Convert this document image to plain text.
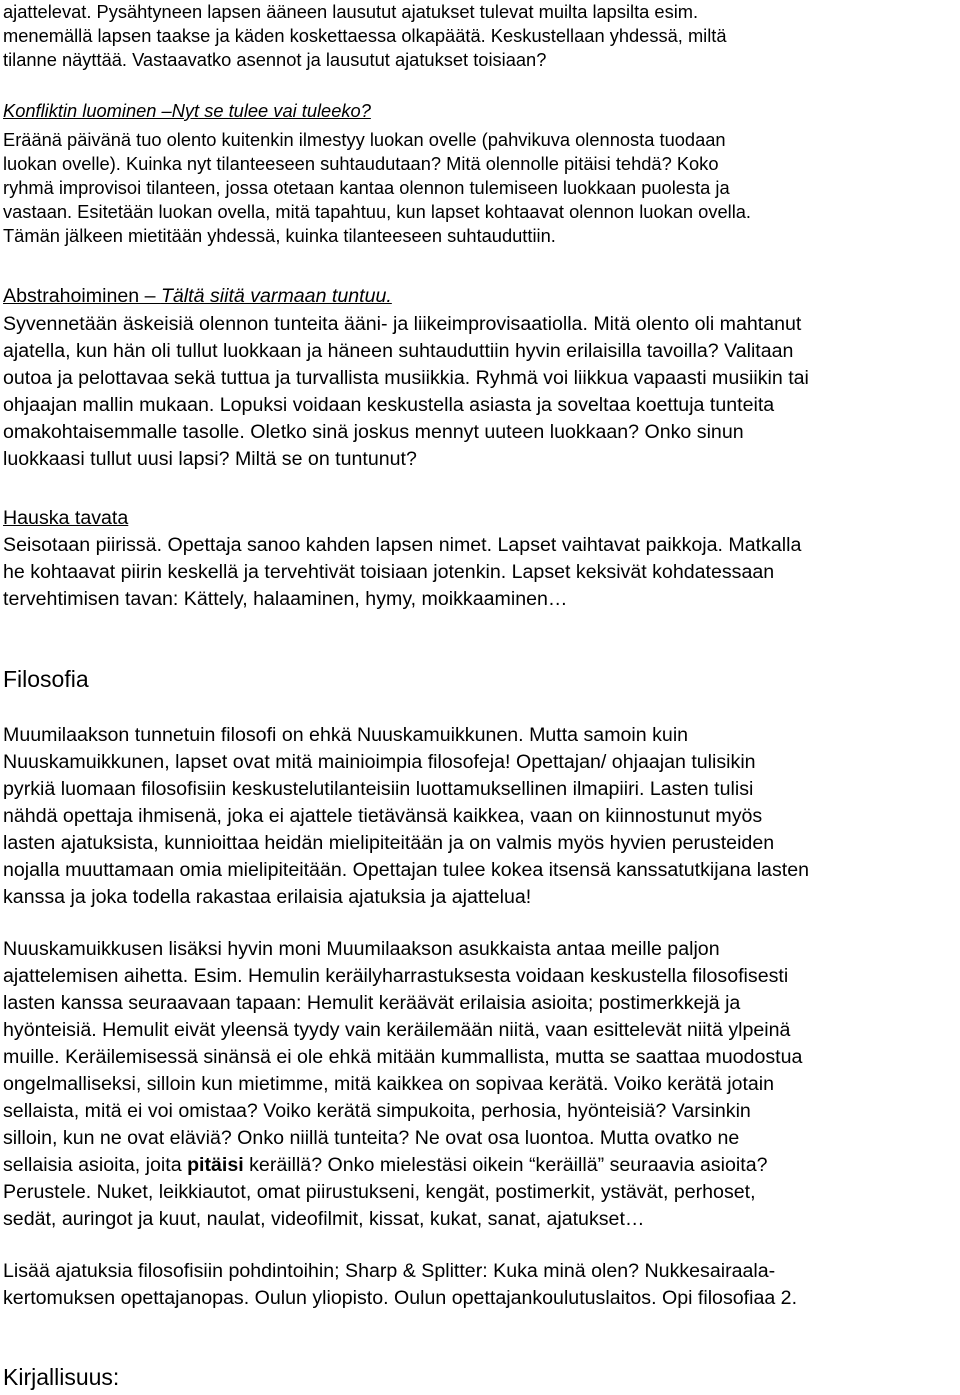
ajattelevat. Pysähtyneen lapsen ääneen lausutut ajatukset tulevat muilta lapsilta esim.
menemällä lapsen taakse ja käden koskettaessa olkapäätä. Keskustellaan yhdessä, miltä
tilanne näyttää. Vastaavatko asennot ja lausutut ajatukset toisiaan?
Konfliktin luominen –Nyt se tulee vai tuleeko?
Eräänä päivänä tuo olento kuitenkin ilmestyy luokan ovelle (pahvikuva olennosta tuodaan
luokan ovelle). Kuinka nyt tilanteeseen suhtaudutaan? Mitä olennolle pitäisi tehdä? Koko
ryhmä improvisoi tilanteen, jossa otetaan kantaa olennon tulemiseen luokkaan puolesta ja
vastaan. Esitetään luokan ovella, mitä tapahtuu, kun lapset kohtaavat olennon luokan ovella.
Tämän jälkeen mietitään yhdessä, kuinka tilanteeseen suhtauduttiin.
Abstrahoiminen – Tältä siitä varmaan tuntuu.
Syvennetään äskeisiä olennon tunteita ääni- ja liikeimprovisaatiolla. Mitä olento oli mahtanut
ajatella, kun hän oli tullut luokkaan ja häneen suhtauduttiin hyvin erilaisilla tavoilla? Valitaan
outoa ja pelottavaa sekä tuttua ja turvallista musiikkia. Ryhmä voi liikkua vapaasti musiikin tai
ohjaajan mallin mukaan. Lopuksi voidaan keskustella asiasta ja soveltaa koettuja tunteita
omakohtaisemmalle tasolle. Oletko sinä joskus mennyt uuteen luokkaan? Onko sinun
luokkaasi tullut uusi lapsi? Miltä se on tuntunut?
Hauska tavata
Seisotaan piirissä. Opettaja sanoo kahden lapsen nimet. Lapset vaihtavat paikkoja. Matkalla
he kohtaavat piirin keskellä ja tervehtivät toisiaan jotenkin. Lapset keksivät kohdatessaan
tervehtimisen tavan: Kättely, halaaminen, hymy, moikkaaminen…
Filosofia
Muumilaakson tunnetuin filosofi on ehkä Nuuskamuikkunen. Mutta samoin kuin
Nuuskamuikkunen, lapset ovat mitä mainioimpia filosofeja! Opettajan/ ohjaajan tulisikin
pyrkiä luomaan filosofisiin keskustelutilanteisiin luottamuksellinen ilmapiiri. Lasten tulisi
nähdä opettaja ihmisenä, joka ei ajattele tietävänsä kaikkea, vaan on kiinnostunut myös
lasten ajatuksista, kunnioittaa heidän mielipiteitään ja on valmis myös hyvien perusteiden
nojalla muuttamaan omia mielipiteitään. Opettajan tulee kokea itsensä kanssatutkijana lasten
kanssa ja joka todella rakastaa erilaisia ajatuksia ja ajattelua!
Nuuskamuikkusen lisäksi hyvin moni Muumilaakson asukkaista antaa meille paljon
ajattelemisen aihetta. Esim. Hemulin keräilyharrastuksesta voidaan keskustella filosofisesti
lasten kanssa seuraavaan tapaan: Hemulit keräävät erilaisia asioita; postimerkkejä ja
hyönteisiä. Hemulit eivät yleensä tyydy vain keräilemään niitä, vaan esittelevät niitä ylpeinä
muille. Keräilemisessä sinänsä ei ole ehkä mitään kummallista, mutta se saattaa muodostua
ongelmalliseksi, silloin kun mietimme, mitä kaikkea on sopivaa kerätä. Voiko kerätä jotain
sellaista, mitä ei voi omistaa? Voiko kerätä simpukoita, perhosia, hyönteisiä? Varsinkin
silloin, kun ne ovat eläviä? Onko niillä tunteita? Ne ovat osa luontoa. Mutta ovatko ne
sellaisia asioita, joita pitäisi keräillä? Onko mielestäsi oikein “keräillä” seuraavia asioita?
Perustele. Nuket, leikkiautot, omat piirustukseni, kengät, postimerkit, ystävät, perhoset,
sedät, auringot ja kuut, naulat, videofilmit, kissat, kukat, sanat, ajatukset…
Lisää ajatuksia filosofisiin pohdintoihin; Sharp & Splitter: Kuka minä olen? Nukkesairaala-
kertomuksen opettajanopas. Oulun yliopisto. Oulun opettajankoulutuslaitos. Opi filosofiaa 2.
Kirjallisuus:
